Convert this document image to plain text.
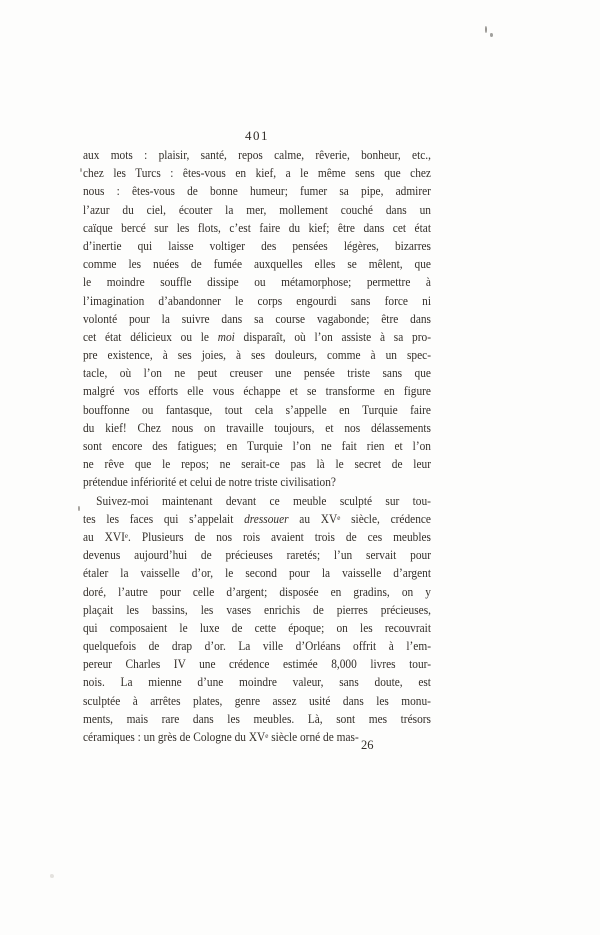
401
aux mots : plaisir, santé, repos calme, rêverie, bonheur, etc.,
chez les Turcs : êtes-vous en kief, a le même sens que chez
nous : êtes-vous de bonne humeur; fumer sa pipe, admirer
l’azur du ciel, écouter la mer, mollement couché dans un
caïque bercé sur les flots, c’est faire du kief; être dans cet état
d’inertie qui laisse voltiger des pensées légères, bizarres
comme les nuées de fumée auxquelles elles se mêlent, que
le moindre souffle dissipe ou métamorphose; permettre à
l’imagination d’abandonner le corps engourdi sans force ni
volonté pour la suivre dans sa course vagabonde; être dans
cet état délicieux ou le moi disparaît, où l’on assiste à sa pro-
pre existence, à ses joies, à ses douleurs, comme à un spec-
tacle, où l’on ne peut creuser une pensée triste sans que
malgré vos efforts elle vous échappe et se transforme en figure
bouffonne ou fantasque, tout cela s’appelle en Turquie faire
du kief! Chez nous on travaille toujours, et nos délassements
sont encore des fatigues; en Turquie l’on ne fait rien et l’on
ne rêve que le repos; ne serait-ce pas là le secret de leur
prétendue infériorité et celui de notre triste civilisation?
Suivez-moi maintenant devant ce meuble sculpté sur tou-
tes les faces qui s’appelait dressouer au XVe siècle, crédence
au XVIe. Plusieurs de nos rois avaient trois de ces meubles
devenus aujourd’hui de précieuses raretés; l’un servait pour
étaler la vaisselle d’or, le second pour la vaisselle d’argent
doré, l’autre pour celle d’argent; disposée en gradins, on y
plaçait les bassins, les vases enrichis de pierres précieuses,
qui composaient le luxe de cette époque; on les recouvrait
quelquefois de drap d’or. La ville d’Orléans offrit à l’em-
pereur Charles IV une crédence estimée 8,000 livres tour-
nois. La mienne d’une moindre valeur, sans doute, est
sculptée à arrêtes plates, genre assez usité dans les monu-
ments, mais rare dans les meubles. Là, sont mes trésors
céramiques : un grès de Cologne du XVe siècle orné de mas-
26
